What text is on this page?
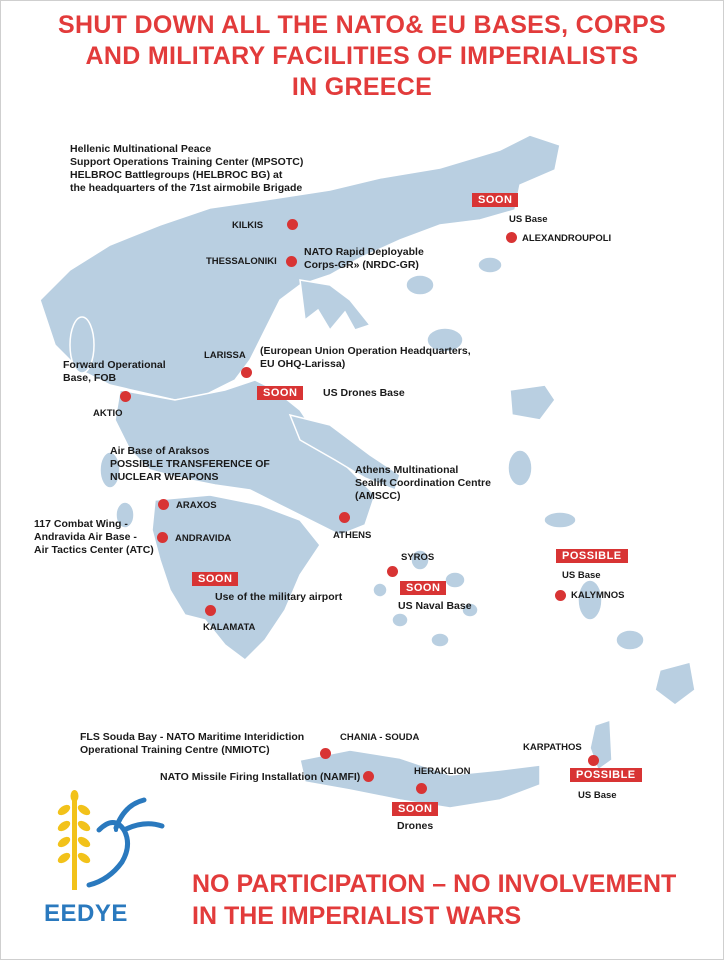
SHUT DOWN ALL THE NATO& EU BASES, CORPS
AND MILITARY FACILITIES OF IMPERIALISTS
IN GREECE
Hellenic Multinational Peace
Support Operations Training Center (MPSOTC)
HELBROC Battlegroups (HELBROC BG) at
the headquarters of the 71st airmobile Brigade
KILKIS
SOON
US Base
ALEXANDROUPOLI
THESSALONIKI
NATO Rapid Deployable
Corps-GR» (NRDC-GR)
LARISSA (European Union Operation Headquarters,
EU OHQ-Larissa)
SOON	US Drones Base
Forward Operational
Base, FOB
AKTIO
Air Base of Araksos
POSSIBLE TRANSFERENCE OF
NUCLEAR WEAPONS
ARAXOS
Athens Multinational
Sealift Coordination Centre
(AMSCC)
ATHENS
117 Combat Wing -
Andravida Air Base -
Air Tactics Center (ATC)
ANDRAVIDA
SOON
Use of the military airport
KALAMATA
SYROS
SOON
US Naval Base
POSSIBLE
US Base
KALYMNOS
FLS Souda Bay - NATO Maritime Interidiction
Operational Training Centre (NMIOTC)
CHANIA - SOUDA
NATO Missile Firing Installation (NAMFI)	HERAKLION
SOON
Drones
KARPATHOS
POSSIBLE
US Base
EEDYE
NO PARTICIPATION – NO INVOLVEMENT
IN THE IMPERIALIST WARS
